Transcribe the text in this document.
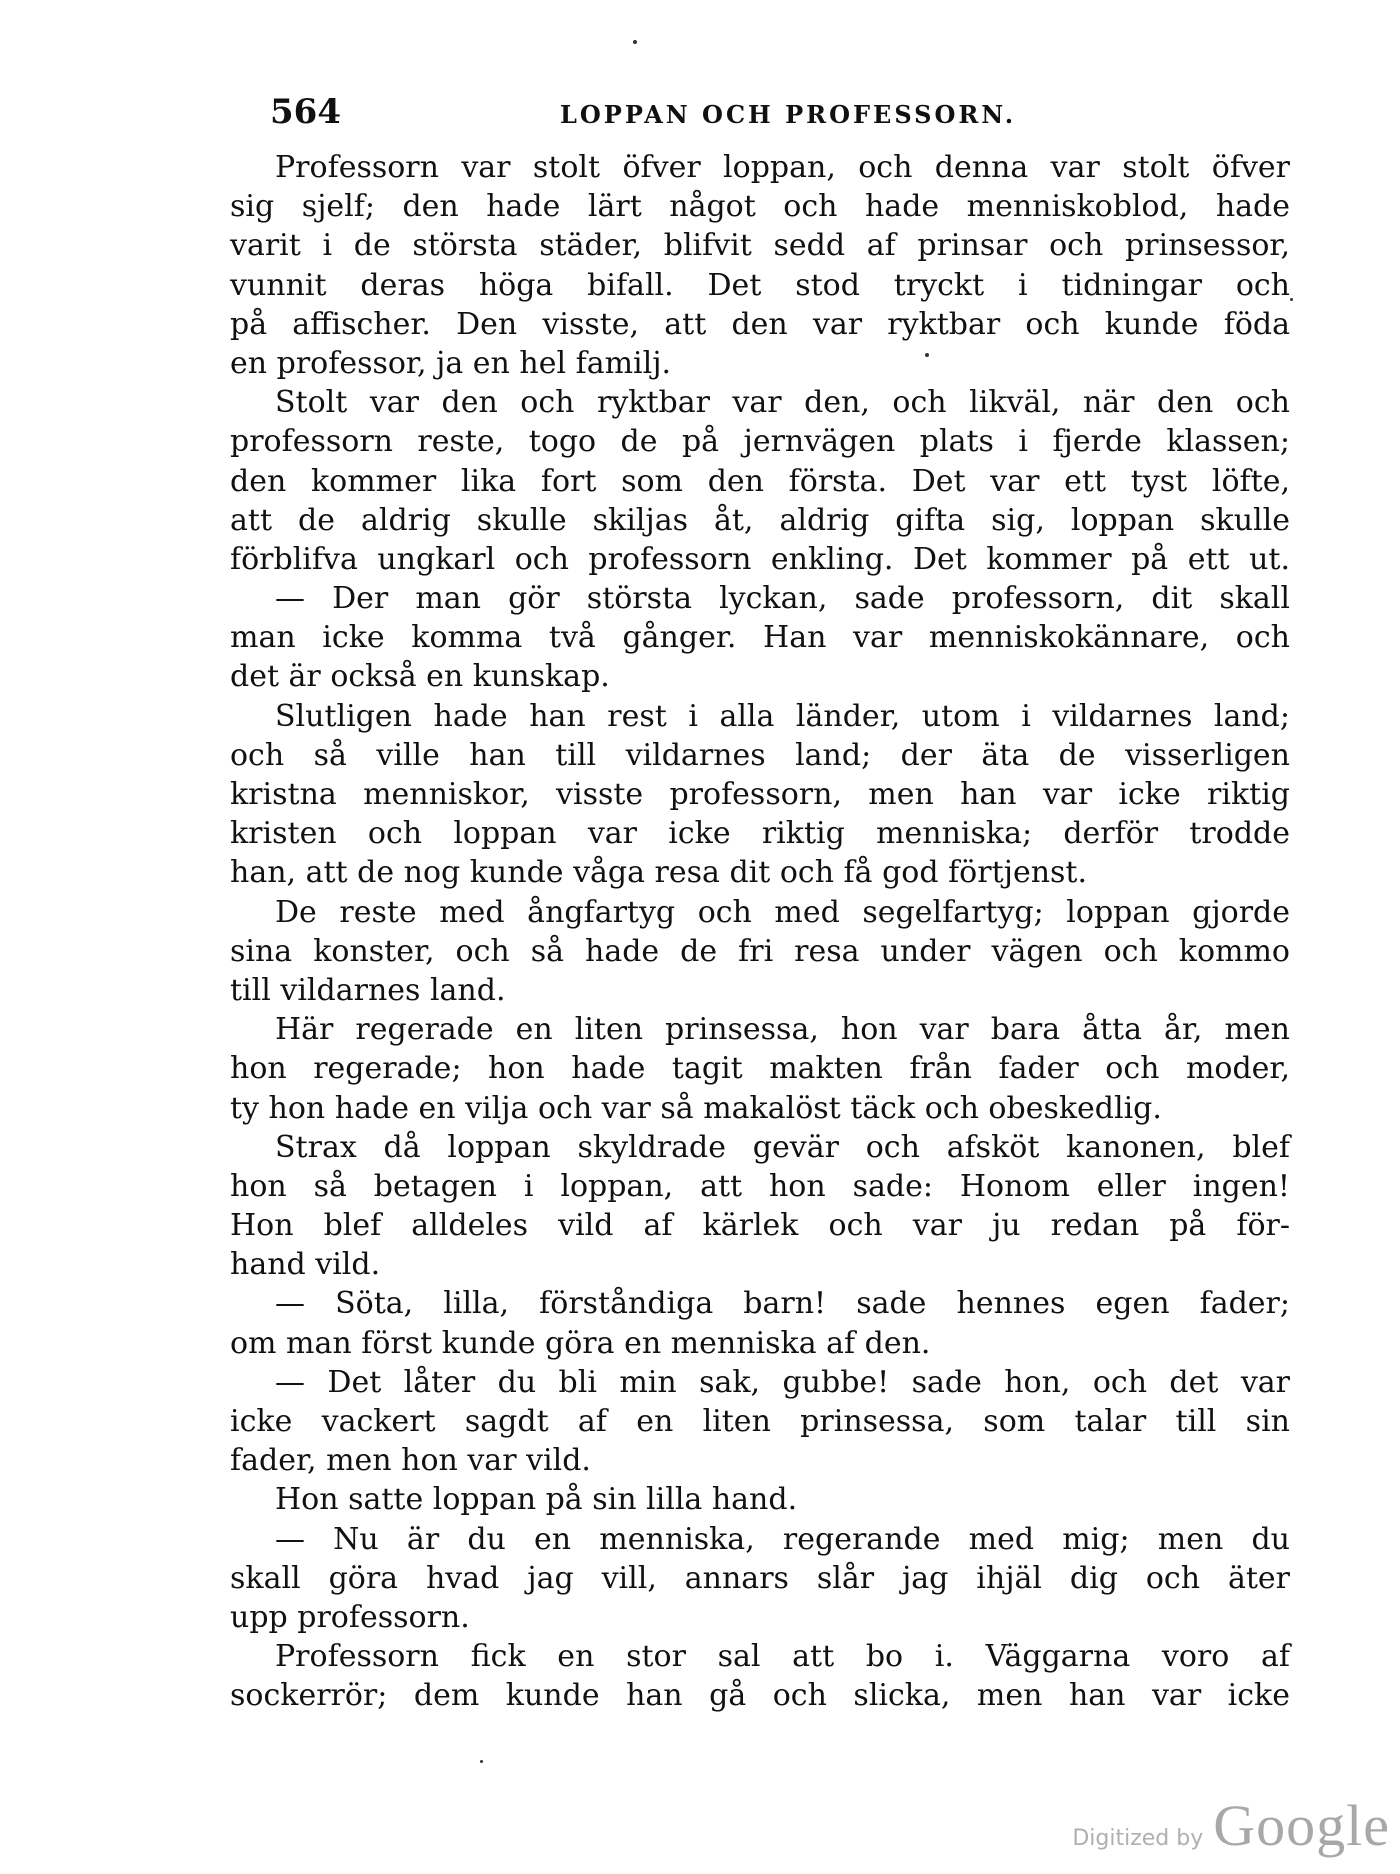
564	LOPPAN OCH PROFESSORN.
Professorn var stolt öfver loppan, och denna var stolt öfver
sig sjelf; den hade lärt något och hade menniskoblod, hade
varit i de största städer, blifvit sedd af prinsar och prinsessor,
vunnit deras höga bifall. Det stod tryckt i tidningar och
på affischer. Den visste, att den var ryktbar och kunde föda
en professor, ja en hel familj.
Stolt var den och ryktbar var den, och likväl, när den och
professorn reste, togo de på jernvägen plats i fjerde klassen;
den kommer lika fort som den första. Det var ett tyst löfte,
att de aldrig skulle skiljas åt, aldrig gifta sig, loppan skulle
förblifva ungkarl och professorn enkling. Det kommer på ett ut.
— Der man gör största lyckan, sade professorn, dit skall
man icke komma två gånger. Han var menniskokännare, och
det är också en kunskap.
Slutligen hade han rest i alla länder, utom i vildarnes land;
och så ville han till vildarnes land; der äta de visserligen
kristna menniskor, visste professorn, men han var icke riktig
kristen och loppan var icke riktig menniska; derför trodde
han, att de nog kunde våga resa dit och få god förtjenst.
De reste med ångfartyg och med segelfartyg; loppan gjorde
sina konster, och så hade de fri resa under vägen och kommo
till vildarnes land.
Här regerade en liten prinsessa, hon var bara åtta år, men
hon regerade; hon hade tagit makten från fader och moder,
ty hon hade en vilja och var så makalöst täck och obeskedlig.
Strax då loppan skyldrade gevär och afsköt kanonen, blef
hon så betagen i loppan, att hon sade: Honom eller ingen!
Hon blef alldeles vild af kärlek och var ju redan på för-
hand vild.
— Söta, lilla, förståndiga barn! sade hennes egen fader;
om man först kunde göra en menniska af den.
— Det låter du bli min sak, gubbe! sade hon, och det var
icke vackert sagdt af en liten prinsessa, som talar till sin
fader, men hon var vild.
Hon satte loppan på sin lilla hand.
— Nu är du en menniska, regerande med mig; men du
skall göra hvad jag vill, annars slår jag ihjäl dig och äter
upp professorn.
Professorn fick en stor sal att bo i. Väggarna voro af
sockerrör; dem kunde han gå och slicka, men han var icke
Digitized by Google
